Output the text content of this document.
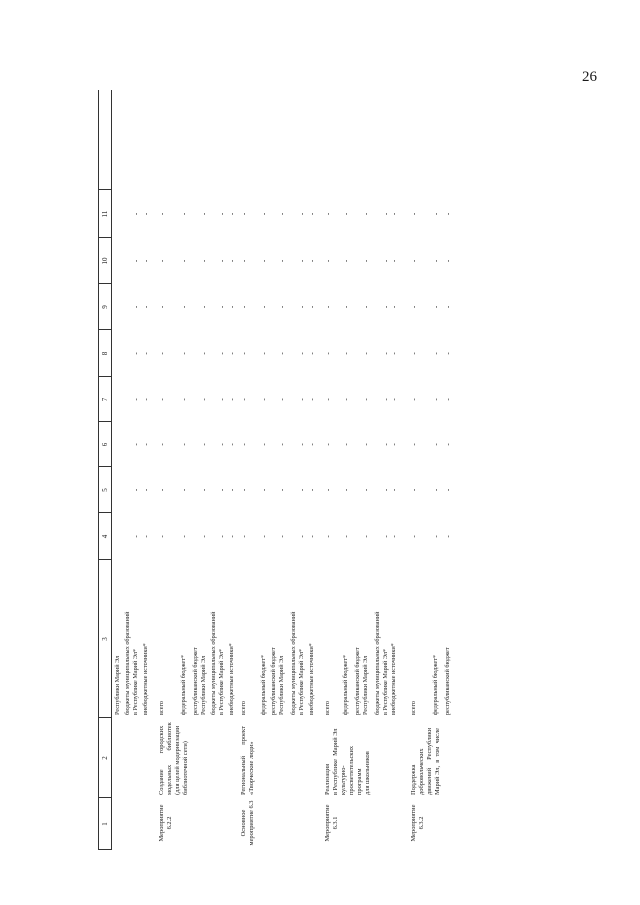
26
1
2
3
4
5
6
7
8
9
10
11
Республики Марий Эл бюджеты муниципальных образований
в Республике Марий Эл*
-
-
-
-
-
-
-
-
внебюджетные источники*
-
-
-
-
-
-
-
-
Мероприятие
6.2.2
Создание          городских
модельных         библиотек
(для целей модернизации
библиотечной сети)
всего
-
-
-
-
-
-
-
-
федеральный бюджет*
-
-
-
-
-
-
-
-
республиканский бюджет
Республики Марий Эл
-
-
-
-
-
-
-
-
бюджеты муниципальных образований
в Республике Марий Эл*
-
-
-
-
-
-
-
-
внебюджетные источники*
-
-
-
-
-
-
-
-
Основное
мероприятие 6.3
Региональный       проект
«Творческие люди»
всего
-
-
-
-
-
-
-
-
федеральный бюджет*
-
-
-
-
-
-
-
-
республиканский бюджет
Республики Марий Эл
-
-
-
-
-
-
-
-
бюджеты муниципальных образований
в Республике Марий Эл*
-
-
-
-
-
-
-
-
внебюджетные источники*
-
-
-
-
-
-
-
-
Мероприятие
6.3.1
Реализация
в Республике  Марий Эл
культурно-
просветительских
программ
для школьников
всего
-
-
-
-
-
-
-
-
федеральный бюджет*
-
-
-
-
-
-
-
-
республиканский бюджет
Республики Марий Эл
-
-
-
-
-
-
-
-
бюджеты муниципальных образований
в Республике Марий Эл*
-
-
-
-
-
-
-
-
внебюджетные источники*
-
-
-
-
-
-
-
-
Мероприятие
6.3.2
Поддержка
добровольческих
движений     Республики
Марий Эл,  в  том  числе
всего
-
-
-
-
-
-
-
-
федеральный бюджет*
-
-
-
-
-
-
-
-
республиканский бюджет
-
-
-
-
-
-
-
-
